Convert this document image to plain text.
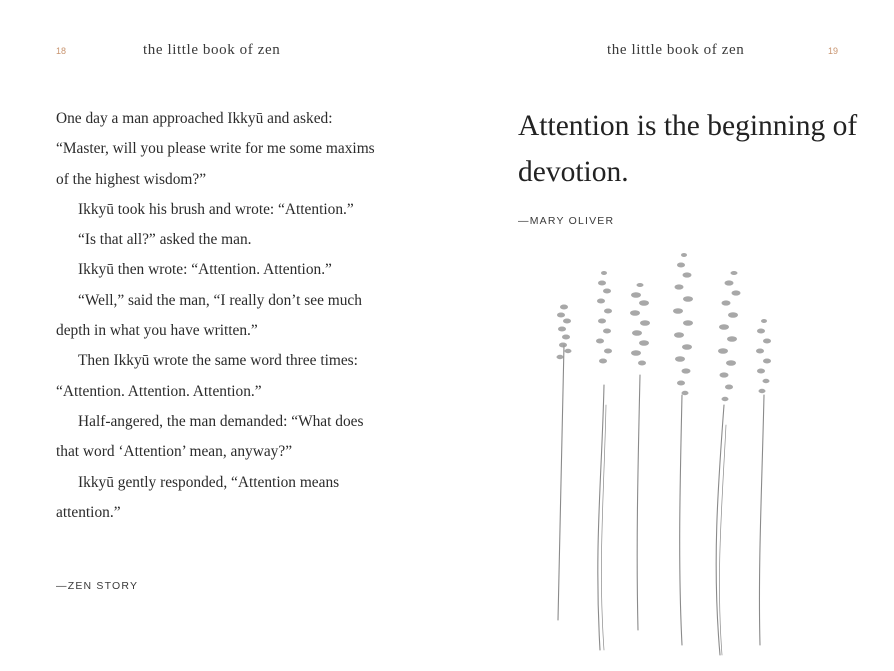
18	the little book of zen

One day a man approached Ikkyū and asked: “Master, will you please write for me some maxims of the highest wisdom?”

Ikkyū took his brush and wrote: “Attention.”

“Is that all?” asked the man.

Ikkyū then wrote: “Attention. Attention.”

“Well,” said the man, “I really don’t see much depth in what you have written.”

Then Ikkyū wrote the same word three times: “Attention. Attention. Attention.”

Half-angered, the man demanded: “What does that word ‘Attention’ mean, anyway?”

Ikkyū gently responded, “Attention means attention.”

—ZEN STORY
the little book of zen	19

Attention is the beginning of devotion.

—MARY OLIVER
